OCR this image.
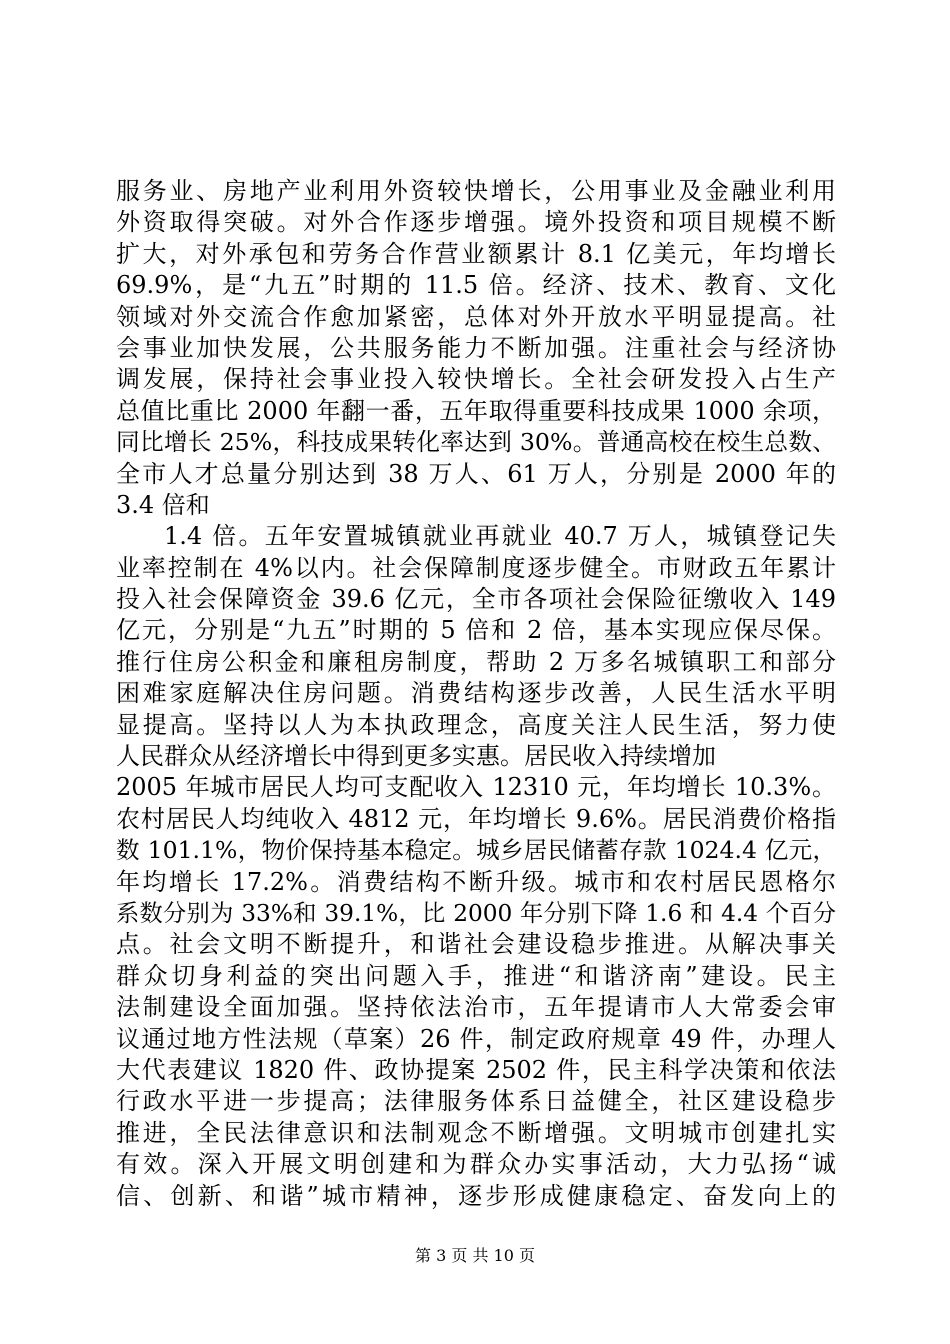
服务业、房地产业利用外资较快增长，公用事业及金融业利用
外资取得突破。对外合作逐步增强。境外投资和项目规模不断
扩大，对外承包和劳务合作营业额累计 8.1 亿美元，年均增长
69.9%，是“九五”时期的 11.5 倍。经济、技术、教育、文化
领域对外交流合作愈加紧密，总体对外开放水平明显提高。社
会事业加快发展，公共服务能力不断加强。注重社会与经济协
调发展，保持社会事业投入较快增长。全社会研发投入占生产
总值比重比 2000 年翻一番，五年取得重要科技成果 1000 余项，
同比增长 25%，科技成果转化率达到 30%。普通高校在校生总数、
全市人才总量分别达到 38 万人、61 万人，分别是 2000 年的
3.4 倍和
1.4 倍。五年安置城镇就业再就业 40.7 万人，城镇登记失
业率控制在 4%以内。社会保障制度逐步健全。市财政五年累计
投入社会保障资金 39.6 亿元，全市各项社会保险征缴收入 149
亿元，分别是“九五”时期的 5 倍和 2 倍，基本实现应保尽保。
推行住房公积金和廉租房制度，帮助 2 万多名城镇职工和部分
困难家庭解决住房问题。消费结构逐步改善，人民生活水平明
显提高。坚持以人为本执政理念，高度关注人民生活，努力使
人民群众从经济增长中得到更多实惠。居民收入持续增加
2005 年城市居民人均可支配收入 12310 元，年均增长 10.3%。
农村居民人均纯收入 4812 元，年均增长 9.6%。居民消费价格指
数 101.1%，物价保持基本稳定。城乡居民储蓄存款 1024.4 亿元，
年均增长 17.2%。消费结构不断升级。城市和农村居民恩格尔
系数分别为 33%和 39.1%，比 2000 年分别下降 1.6 和 4.4 个百分
点。社会文明不断提升，和谐社会建设稳步推进。从解决事关
群众切身利益的突出问题入手，推进“和谐济南”建设。民主
法制建设全面加强。坚持依法治市，五年提请市人大常委会审
议通过地方性法规（草案）26 件，制定政府规章 49 件，办理人
大代表建议 1820 件、政协提案 2502 件，民主科学决策和依法
行政水平进一步提高；法律服务体系日益健全，社区建设稳步
推进，全民法律意识和法制观念不断增强。文明城市创建扎实
有效。深入开展文明创建和为群众办实事活动，大力弘扬“诚
信、创新、和谐”城市精神，逐步形成健康稳定、奋发向上的
第 3 页 共 10 页
